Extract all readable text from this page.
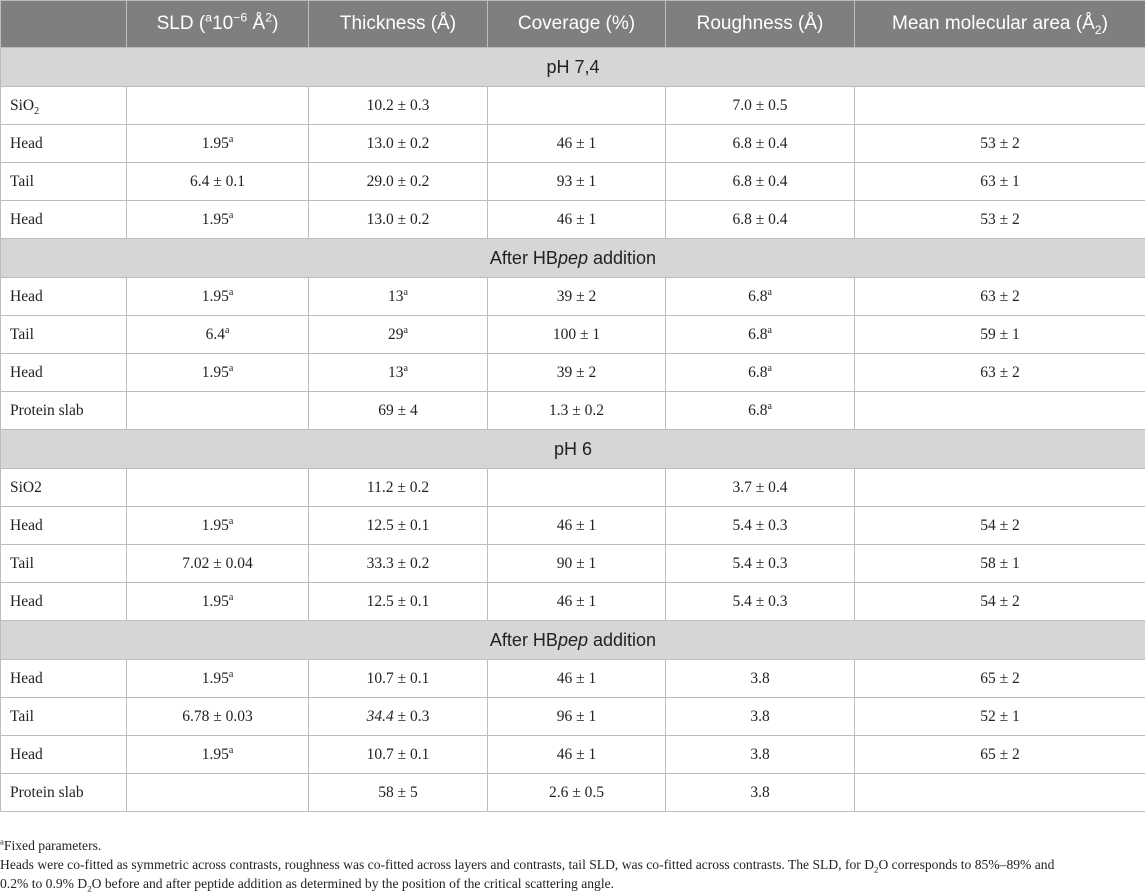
	SLD ($^a10^{-6}$ $Å^2$)	Thickness (Å)	Coverage (%)	Roughness (Å)	Mean molecular area $(Å_2)$
pH 7,4					
SiO$_2$		10.2 ± 0.3		7.0 ± 0.5	
Head	1.95$^a$	13.0 ± 0.2	46 ± 1	6.8 ± 0.4	53 ± 2
Tail	6.4 ± 0.1	29.0 ± 0.2	93 ± 1	6.8 ± 0.4	63 ± 1
Head	1.95$^a$	13.0 ± 0.2	46 ± 1	6.8 ± 0.4	53 ± 2
After HBpep addition					
Head	1.95$^a$	13$^a$	39 ± 2	6.8$^a$	63 ± 2
Tail	6.4$^a$	29$^a$	100 ± 1	6.8$^a$	59 ± 1
Head	1.95$^a$	13$^a$	39 ± 2	6.8$^a$	63 ± 2
Protein slab		69 ± 4	1.3 ± 0.2	6.8$^a$	
pH 6					
SiO2		11.2 ± 0.2		3.7 ± 0.4	
Head	1.95$^a$	12.5 ± 0.1	46 ± 1	5.4 ± 0.3	54 ± 2
Tail	7.02 ± 0.04	33.3 ± 0.2	90 ± 1	5.4 ± 0.3	58 ± 1
Head	1.95$^a$	12.5 ± 0.1	46 ± 1	5.4 ± 0.3	54 ± 2
After HBpep addition					
Head	1.95$^a$	10.7 ± 0.1	46 ± 1	3.8	65 ± 2
Tail	6.78 ± 0.03	34.4 ± 0.3	96 ± 1	3.8	52 ± 1
Head	1.95$^a$	10.7 ± 0.1	46 ± 1	3.8	65 ± 2
Protein slab		58 ± 5	2.6 ± 0.5	3.8	

$^a$Fixed parameters.

Heads were co-fitted as symmetric across contrasts, roughness was co-fitted across layers and contrasts, tail SLD, was co-fitted across contrasts. The SLD, for $D_2O$ corresponds to 85%–89% and

0.2% to 0.9% $D_2O$ before and after peptide addition as determined by the position of the critical scattering angle.
